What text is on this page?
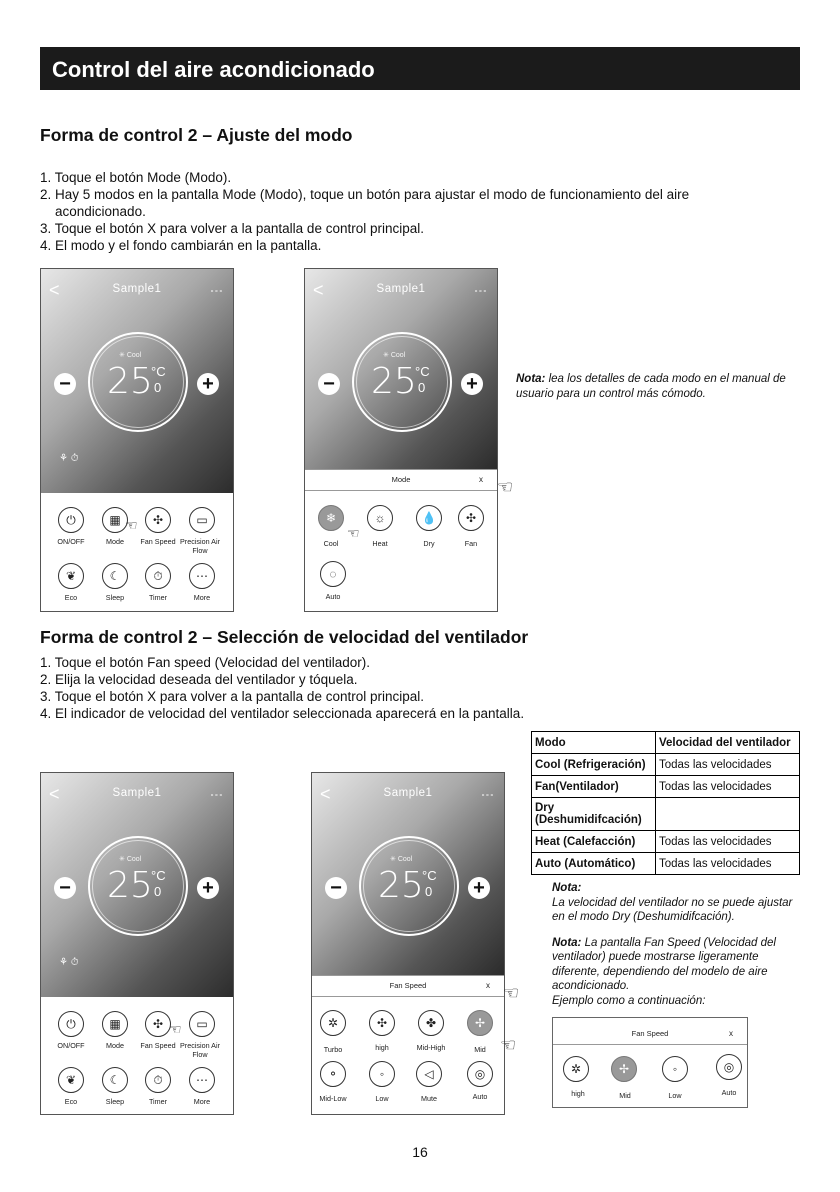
Control del aire acondicionado
Forma de control 2 – Ajuste del modo
1. Toque el botón Mode (Modo).
2. Hay 5 modos en la pantalla Mode (Modo), toque un botón para ajustar el modo de funcionamiento del aire
acondicionado.
3. Toque el botón X para volver a la pantalla de control principal.
4. El modo y el fondo cambiarán en la pantalla.
<	Sample1	∘∘∘
✳ Cool
25
°C
0
−	+
⚘ ⏱
⏻	▦	✣	▭
ON/OFF	Mode	Fan Speed Precision Air Flow
❦	☾	⏱	⋯
Eco	Sleep	Timer	More
☜
<	Sample1	∘∘∘
✳ Cool
25
°C
0
−	+
Mode	x
❄	☼	💧	✣
Cool	Heat	Dry	Fan
◌
Auto
☜
☜
Nota: lea los detalles de cada modo en el manual de usuario para un control más cómodo.
Forma de control 2 – Selección de velocidad del ventilador
1. Toque el botón Fan speed (Velocidad del ventilador).
2. Elija la velocidad deseada del ventilador y tóquela.
3. Toque el botón X para volver a la pantalla de control principal.
4. El indicador de velocidad del ventilador seleccionada aparecerá en la pantalla.
<	Sample1	∘∘∘
✳ Cool
25
°C
0
−	+
⚘ ⏱
⏻	▦	✣	▭
ON/OFF	Mode	Fan Speed Precision Air Flow
❦	☾	⏱	⋯
Eco	Sleep	Timer	More
☜
<	Sample1	∘∘∘
✳ Cool
25
°C
0
−	+
Fan Speed	x
✲	✣	✤	✢
Turbo	high	Mid-High	Mid
⚬	◦	◁	◎
Mid-Low	Low	Mute	Auto
☜
☜
Modo	Velocidad del ventilador
Cool (Refrigeración)	Todas las velocidades
Fan(Ventilador)	Todas las velocidades
Dry (Deshumidifcación)	
Heat (Calefacción)	Todas las velocidades
Auto (Automático)	Todas las velocidades
Nota:
La velocidad del ventilador no se puede ajustar en el modo Dry (Deshumidifcación).
Nota: La pantalla Fan Speed (Velocidad del ventilador) puede mostrarse ligeramente diferente, dependiendo del modelo de aire acondicionado.
Ejemplo como a continuación:
Fan Speed	x
✲	✢	◦	◎
high	Mid	Low	Auto
16
